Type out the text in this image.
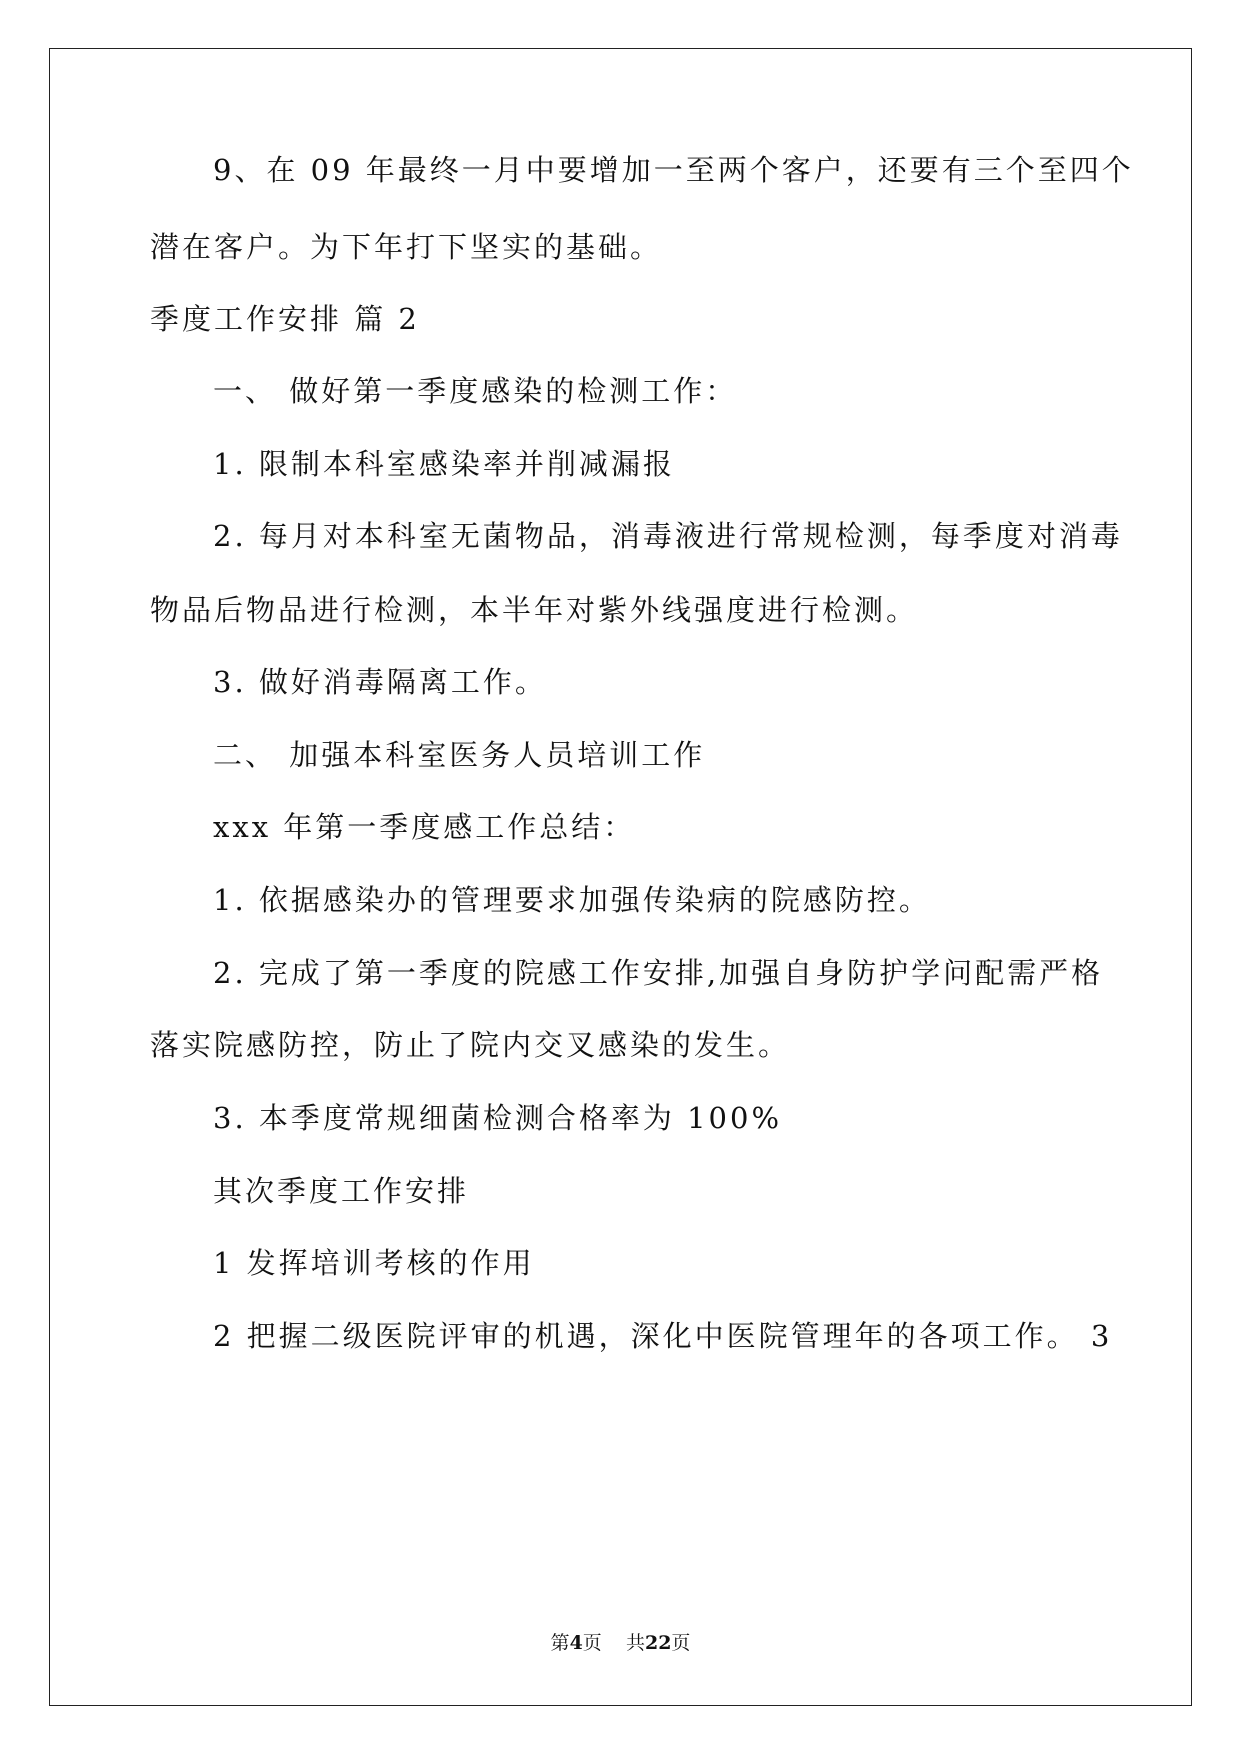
9、在 09 年最终一月中要增加一至两个客户，还要有三个至四个
潜在客户。为下年打下坚实的基础。
季度工作安排 篇 2
一、 做好第一季度感染的检测工作：
1. 限制本科室感染率并削减漏报
2. 每月对本科室无菌物品，消毒液进行常规检测，每季度对消毒
物品后物品进行检测，本半年对紫外线强度进行检测。
3. 做好消毒隔离工作。
二、 加强本科室医务人员培训工作
xxx 年第一季度感工作总结：
1. 依据感染办的管理要求加强传染病的院感防控。
2. 完成了第一季度的院感工作安排,加强自身防护学问配需严格
落实院感防控，防止了院内交叉感染的发生。
3. 本季度常规细菌检测合格率为 100%
其次季度工作安排
1 发挥培训考核的作用
2 把握二级医院评审的机遇，深化中医院管理年的各项工作。 3
第4页    共22页
